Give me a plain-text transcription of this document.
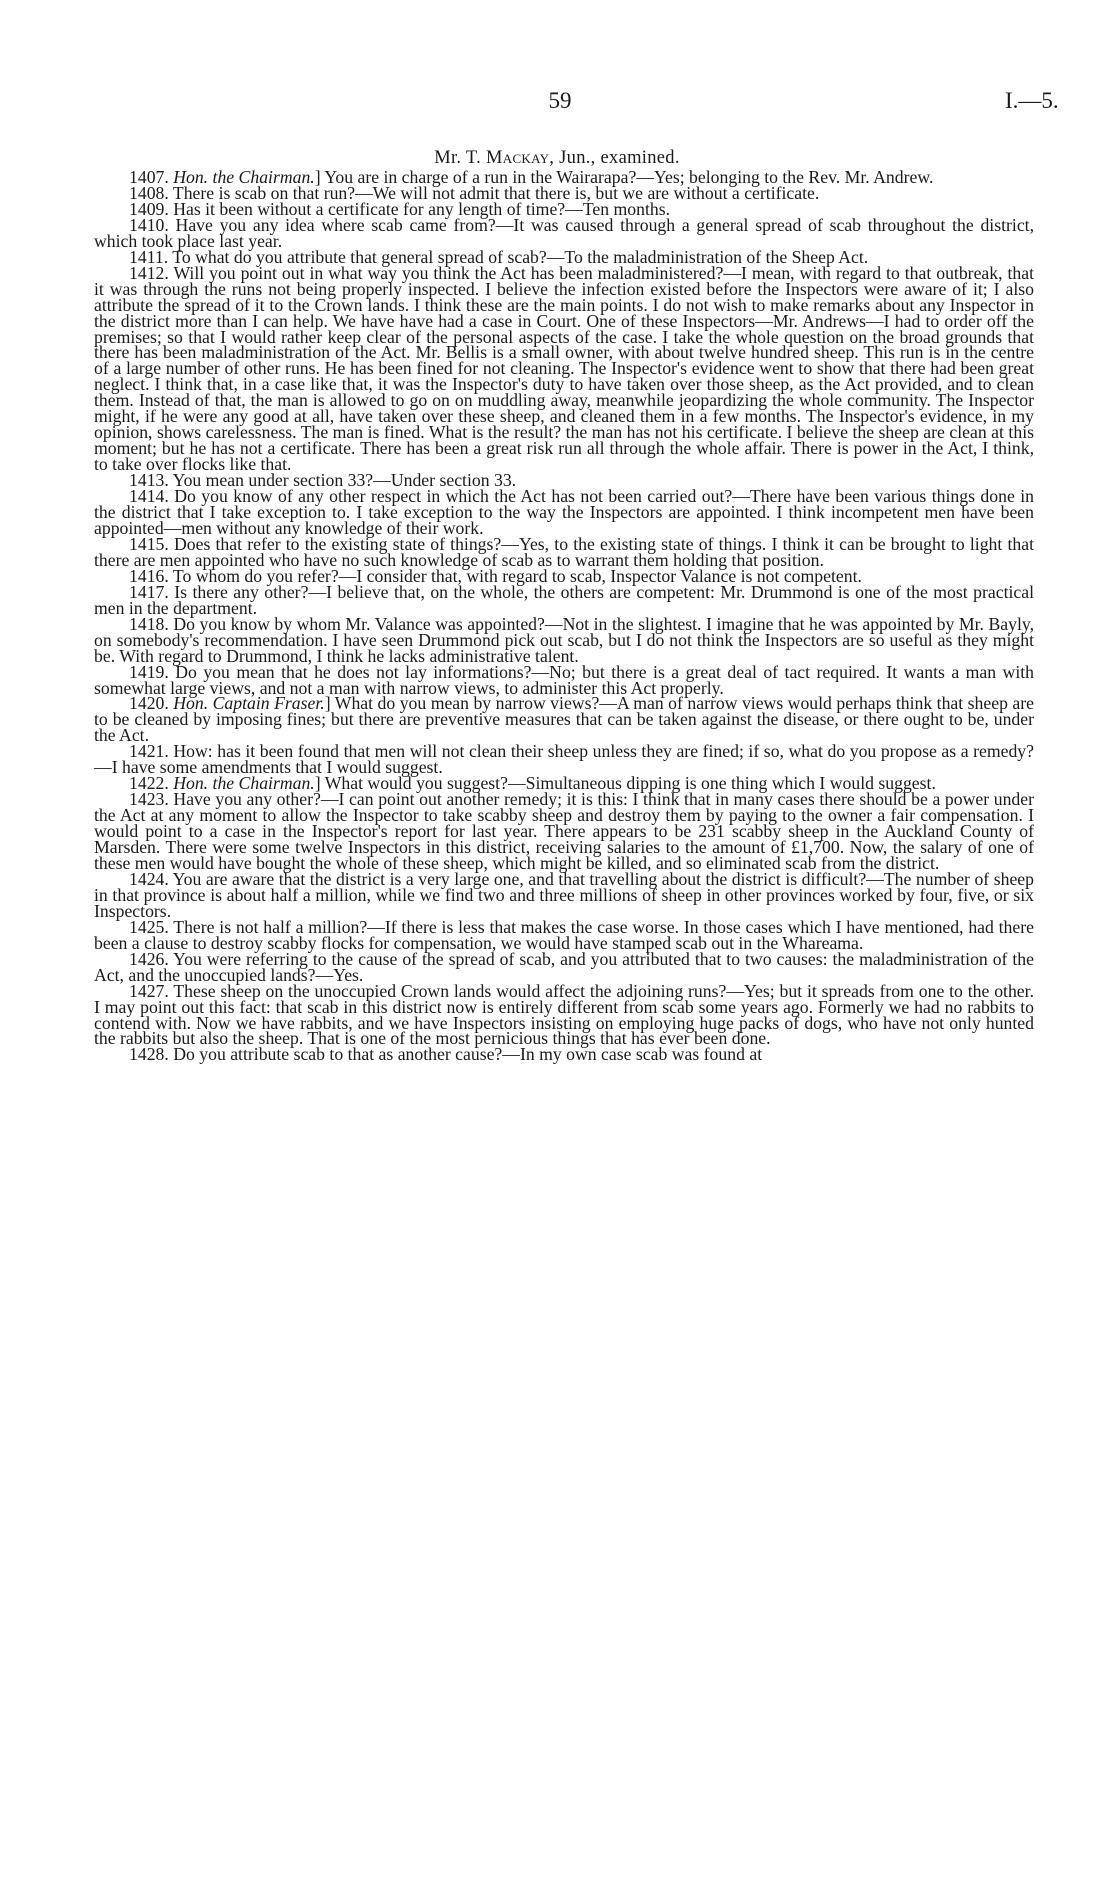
59	I.—5.
Mr. T. Mackay, Jun., examined.

1407. Hon. the Chairman.] You are in charge of a run in the Wairarapa?—Yes; belonging to the Rev. Mr. Andrew.

1408. There is scab on that run?—We will not admit that there is, but we are without a certificate.

1409. Has it been without a certificate for any length of time?—Ten months.

1410. Have you any idea where scab came from?—It was caused through a general spread of scab throughout the district, which took place last year.

1411. To what do you attribute that general spread of scab?—To the maladministration of the Sheep Act.

1412. Will you point out in what way you think the Act has been maladministered?—I mean, with regard to that outbreak, that it was through the runs not being properly inspected. I believe the infection existed before the Inspectors were aware of it; I also attribute the spread of it to the Crown lands. I think these are the main points. I do not wish to make remarks about any Inspector in the district more than I can help. We have have had a case in Court. One of these Inspectors—Mr. Andrews—I had to order off the premises; so that I would rather keep clear of the personal aspects of the case. I take the whole question on the broad grounds that there has been maladministration of the Act. Mr. Bellis is a small owner, with about twelve hundred sheep. This run is in the centre of a large number of other runs. He has been fined for not cleaning. The Inspector's evidence went to show that there had been great neglect. I think that, in a case like that, it was the Inspector's duty to have taken over those sheep, as the Act provided, and to clean them. Instead of that, the man is allowed to go on on muddling away, meanwhile jeopardizing the whole community. The Inspector might, if he were any good at all, have taken over these sheep, and cleaned them in a few months. The Inspector's evidence, in my opinion, shows carelessness. The man is fined. What is the result? the man has not his certificate. I believe the sheep are clean at this moment; but he has not a certificate. There has been a great risk run all through the whole affair. There is power in the Act, I think, to take over flocks like that.

1413. You mean under section 33?—Under section 33.

1414. Do you know of any other respect in which the Act has not been carried out?—There have been various things done in the district that I take exception to. I take exception to the way the Inspectors are appointed. I think incompetent men have been appointed—men without any knowledge of their work.

1415. Does that refer to the existing state of things?—Yes, to the existing state of things. I think it can be brought to light that there are men appointed who have no such knowledge of scab as to warrant them holding that position.

1416. To whom do you refer?—I consider that, with regard to scab, Inspector Valance is not competent.

1417. Is there any other?—I believe that, on the whole, the others are competent: Mr. Drummond is one of the most practical men in the department.

1418. Do you know by whom Mr. Valance was appointed?—Not in the slightest. I imagine that he was appointed by Mr. Bayly, on somebody's recommendation. I have seen Drummond pick out scab, but I do not think the Inspectors are so useful as they might be. With regard to Drummond, I think he lacks administrative talent.

1419. Do you mean that he does not lay informations?—No; but there is a great deal of tact required. It wants a man with somewhat large views, and not a man with narrow views, to administer this Act properly.

1420. Hon. Captain Fraser.] What do you mean by narrow views?—A man of narrow views would perhaps think that sheep are to be cleaned by imposing fines; but there are preventive measures that can be taken against the disease, or there ought to be, under the Act.

1421. How: has it been found that men will not clean their sheep unless they are fined; if so, what do you propose as a remedy?—I have some amendments that I would suggest.

1422. Hon. the Chairman.] What would you suggest?—Simultaneous dipping is one thing which I would suggest.

1423. Have you any other?—I can point out another remedy; it is this: I think that in many cases there should be a power under the Act at any moment to allow the Inspector to take scabby sheep and destroy them by paying to the owner a fair compensation. I would point to a case in the Inspector's report for last year. There appears to be 231 scabby sheep in the Auckland County of Marsden. There were some twelve Inspectors in this district, receiving salaries to the amount of £1,700. Now, the salary of one of these men would have bought the whole of these sheep, which might be killed, and so eliminated scab from the district.

1424. You are aware that the district is a very large one, and that travelling about the district is difficult?—The number of sheep in that province is about half a million, while we find two and three millions of sheep in other provinces worked by four, five, or six Inspectors.

1425. There is not half a million?—If there is less that makes the case worse. In those cases which I have mentioned, had there been a clause to destroy scabby flocks for compensation, we would have stamped scab out in the Whareama.

1426. You were referring to the cause of the spread of scab, and you attributed that to two causes: the maladministration of the Act, and the unoccupied lands?—Yes.

1427. These sheep on the unoccupied Crown lands would affect the adjoining runs?—Yes; but it spreads from one to the other. I may point out this fact: that scab in this district now is entirely different from scab some years ago. Formerly we had no rabbits to contend with. Now we have rabbits, and we have Inspectors insisting on employing huge packs of dogs, who have not only hunted the rabbits but also the sheep. That is one of the most pernicious things that has ever been done.

1428. Do you attribute scab to that as another cause?—In my own case scab was found at
